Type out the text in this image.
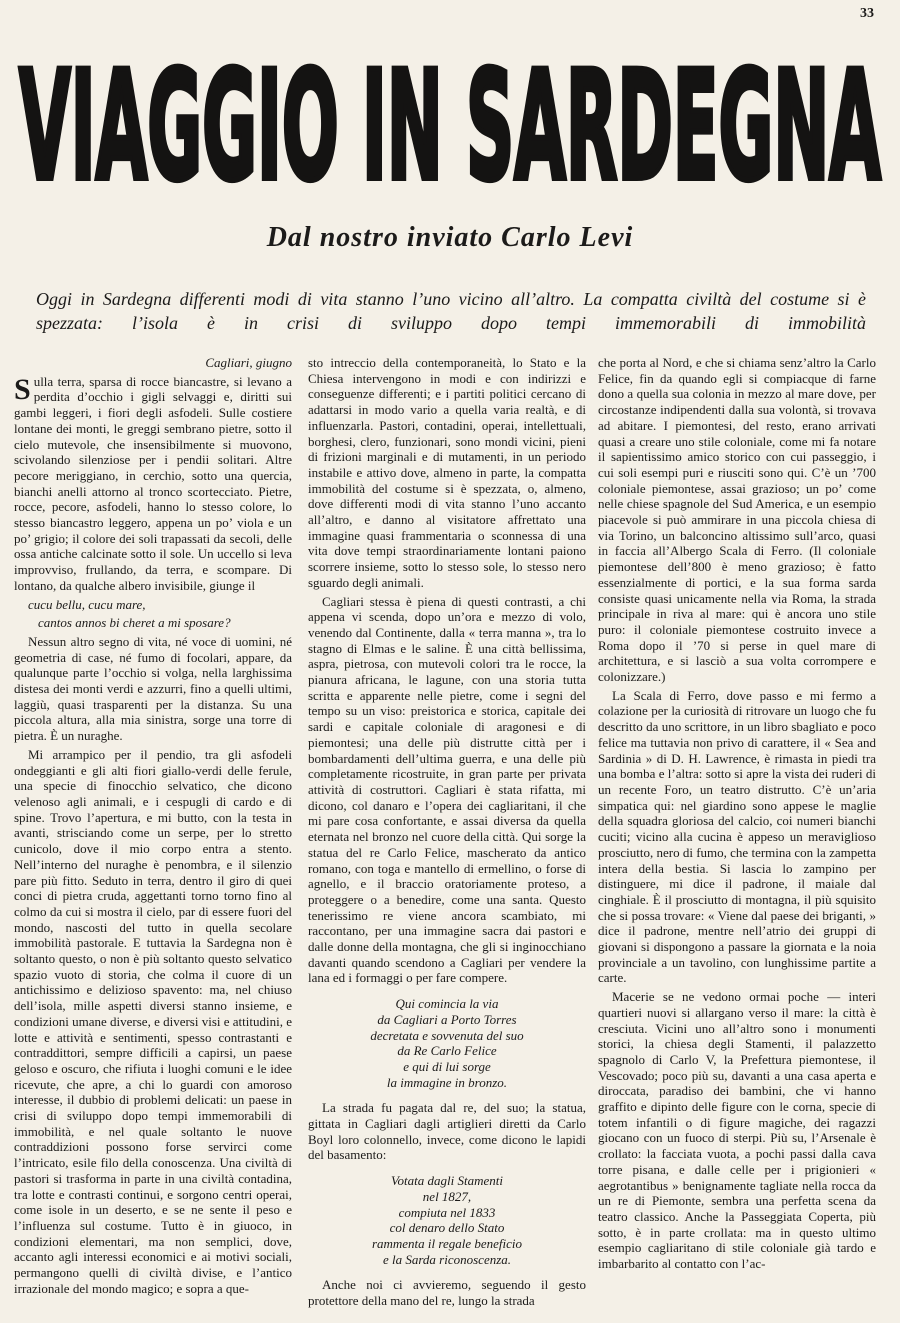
33
VIAGGIO IN SARDEGNA
Dal nostro inviato Carlo Levi
Oggi in Sardegna differenti modi di vita stanno l’uno vicino all’altro. La compatta civiltà del costume si è spezzata: l’isola è in crisi di sviluppo dopo tempi immemorabili di immobilità

Cagliari, giugno

Sulla terra, sparsa di rocce biancastre, si levano a perdita d’occhio i gigli selvaggi e, diritti sui gambi leggeri, i fiori degli asfodeli. Sulle costiere lontane dei monti, le greggi sembrano pietre, sotto il cielo mutevole, che insensibilmente si muovono, scivolando silenziose per i pendii solitari. Altre pecore meriggiano, in cerchio, sotto una quercia, bianchi anelli attorno al tronco scortecciato. Pietre, rocce, pecore, asfodeli, hanno lo stesso colore, lo stesso biancastro leggero, appena un po’ viola e un po’ grigio; il colore dei soli trapassati da secoli, delle ossa antiche calcinate sotto il sole. Un uccello si leva improvviso, frullando, da terra, e scompare. Di lontano, da qualche albero invisibile, giunge il

cucu bellu, cucu mare,

cantos annos bi cheret a mi sposare?

Nessun altro segno di vita, né voce di uomini, né geometria di case, né fumo di focolari, appare, da qualunque parte l’occhio si volga, nella larghissima distesa dei monti verdi e azzurri, fino a quelli ultimi, laggiù, quasi trasparenti per la distanza. Su una piccola altura, alla mia sinistra, sorge una torre di pietra. È un nuraghe.

Mi arrampico per il pendio, tra gli asfodeli ondeggianti e gli alti fiori giallo-verdi delle ferule, una specie di finocchio selvatico, che dicono velenoso agli animali, e i cespugli di cardo e di spine. Trovo l’apertura, e mi butto, con la testa in avanti, strisciando come un serpe, per lo stretto cunicolo, dove il mio corpo entra a stento. Nell’interno del nuraghe è penombra, e il silenzio pare più fitto. Seduto in terra, dentro il giro di quei conci di pietra cruda, aggettanti torno torno fino al colmo da cui si mostra il cielo, par di essere fuori del mondo, nascosti del tutto in quella secolare immobilità pastorale. E tuttavia la Sardegna non è soltanto questo, o non è più soltanto questo selvatico spazio vuoto di storia, che colma il cuore di un antichissimo e delizioso spavento: ma, nel chiuso dell’isola, mille aspetti diversi stanno insieme, e condizioni umane diverse, e diversi visi e attitudini, e lotte e attività e sentimenti, spesso contrastanti e contraddittori, sempre difficili a capirsi, un paese geloso e oscuro, che rifiuta i luoghi comuni e le idee ricevute, che apre, a chi lo guardi con amoroso interesse, il dubbio di problemi delicati: un paese in crisi di sviluppo dopo tempi immemorabili di immobilità, e nel quale soltanto le nuove contraddizioni possono forse servirci come l’intricato, esile filo della conoscenza. Una civiltà di pastori si trasforma in parte in una civiltà contadina, tra lotte e contrasti continui, e sorgono centri operai, come isole in un deserto, e se ne sente il peso e l’influenza sul costume. Tutto è in giuoco, in condizioni elementari, ma non semplici, dove, accanto agli interessi economici e ai motivi sociali, permangono quelli di civiltà divise, e l’antico irrazionale del mondo magico; e sopra a que-

sto intreccio della contemporaneità, lo Stato e la Chiesa intervengono in modi e con indirizzi e conseguenze differenti; e i partiti politici cercano di adattarsi in modo vario a quella varia realtà, e di influenzarla. Pastori, contadini, operai, intellettuali, borghesi, clero, funzionari, sono mondi vicini, pieni di frizioni marginali e di mutamenti, in un periodo instabile e attivo dove, almeno in parte, la compatta immobilità del costume si è spezzata, o, almeno, dove differenti modi di vita stanno l’uno accanto all’altro, e danno al visitatore affrettato una immagine quasi frammentaria o sconnessa di una vita dove tempi straordinariamente lontani paiono scorrere insieme, sotto lo stesso sole, lo stesso nero sguardo degli animali.

Cagliari stessa è piena di questi contrasti, a chi appena vi scenda, dopo un’ora e mezzo di volo, venendo dal Continente, dalla « terra manna », tra lo stagno di Elmas e le saline. È una città bellissima, aspra, pietrosa, con mutevoli colori tra le rocce, la pianura africana, le lagune, con una storia tutta scritta e apparente nelle pietre, come i segni del tempo su un viso: preistorica e storica, capitale dei sardi e capitale coloniale di aragonesi e di piemontesi; una delle più distrutte città per i bombardamenti dell’ultima guerra, e una delle più completamente ricostruite, in gran parte per privata attività di costruttori. Cagliari è stata rifatta, mi dicono, col danaro e l’opera dei cagliaritani, il che mi pare cosa confortante, e assai diversa da quella eternata nel bronzo nel cuore della città. Qui sorge la statua del re Carlo Felice, mascherato da antico romano, con toga e mantello di ermellino, o forse di agnello, e il braccio oratoriamente proteso, a proteggere o a benedire, come una santa. Questo tenerissimo re viene ancora scambiato, mi raccontano, per una immagine sacra dai pastori e dalle donne della montagna, che gli si inginocchiano davanti quando scendono a Cagliari per vendere la lana ed i formaggi o per fare compere.

Qui comincia la via
da Cagliari a Porto Torres
decretata e sovvenuta del suo
da Re Carlo Felice
e qui di lui sorge
la immagine in bronzo.

La strada fu pagata dal re, del suo; la statua, gittata in Cagliari dagli artiglieri diretti da Carlo Boyl loro colonnello, invece, come dicono le lapidi del basamento:

Votata dagli Stamenti
nel 1827,
compiuta nel 1833
col denaro dello Stato
rammenta il regale beneficio
e la Sarda riconoscenza.

Anche noi ci avvieremo, seguendo il gesto protettore della mano del re, lungo la strada

che porta al Nord, e che si chiama senz’altro la Carlo Felice, fin da quando egli si compiacque di farne dono a quella sua colonia in mezzo al mare dove, per circostanze indipendenti dalla sua volontà, si trovava ad abitare. I piemontesi, del resto, erano arrivati quasi a creare uno stile coloniale, come mi fa notare il sapientissimo amico storico con cui passeggio, i cui soli esempi puri e riusciti sono qui. C’è un ’700 coloniale piemontese, assai grazioso; un po’ come nelle chiese spagnole del Sud America, e un esempio piacevole si può ammirare in una piccola chiesa di via Torino, un balconcino altissimo sull’arco, quasi in faccia all’Albergo Scala di Ferro. (Il coloniale piemontese dell’800 è meno grazioso; è fatto essenzialmente di portici, e la sua forma sarda consiste quasi unicamente nella via Roma, la strada principale in riva al mare: qui è ancora uno stile puro: il coloniale piemontese costruito invece a Roma dopo il ’70 si perse in quel mare di architettura, e si lasciò a sua volta corrompere e colonizzare.)

La Scala di Ferro, dove passo e mi fermo a colazione per la curiosità di ritrovare un luogo che fu descritto da uno scrittore, in un libro sbagliato e poco felice ma tuttavia non privo di carattere, il « Sea and Sardinia » di D. H. Lawrence, è rimasta in piedi tra una bomba e l’altra: sotto si apre la vista dei ruderi di un recente Foro, un teatro distrutto. C’è un’aria simpatica qui: nel giardino sono appese le maglie della squadra gloriosa del calcio, coi numeri bianchi cuciti; vicino alla cucina è appeso un meraviglioso prosciutto, nero di fumo, che termina con la zampetta intera della bestia. Si lascia lo zampino per distinguere, mi dice il padrone, il maiale dal cinghiale. È il prosciutto di montagna, il più squisito che si possa trovare: « Viene dal paese dei briganti, » dice il padrone, mentre nell’atrio dei gruppi di giovani si dispongono a passare la giornata e la noia provinciale a un tavolino, con lunghissime partite a carte.

Macerie se ne vedono ormai poche — interi quartieri nuovi si allargano verso il mare: la città è cresciuta. Vicini uno all’altro sono i monumenti storici, la chiesa degli Stamenti, il palazzetto spagnolo di Carlo V, la Prefettura piemontese, il Vescovado; poco più su, davanti a una casa aperta e diroccata, paradiso dei bambini, che vi hanno graffito e dipinto delle figure con le corna, specie di totem infantili o di figure magiche, dei ragazzi giocano con un fuoco di sterpi. Più su, l’Arsenale è crollato: la facciata vuota, a pochi passi dalla cava torre pisana, e dalle celle per i prigionieri « aegrotantibus » benignamente tagliate nella rocca da un re di Piemonte, sembra una perfetta scena da teatro classico. Anche la Passeggiata Coperta, più sotto, è in parte crollata: ma in questo ultimo esempio cagliaritano di stile coloniale già tardo e imbarbarito al contatto con l’ac-
